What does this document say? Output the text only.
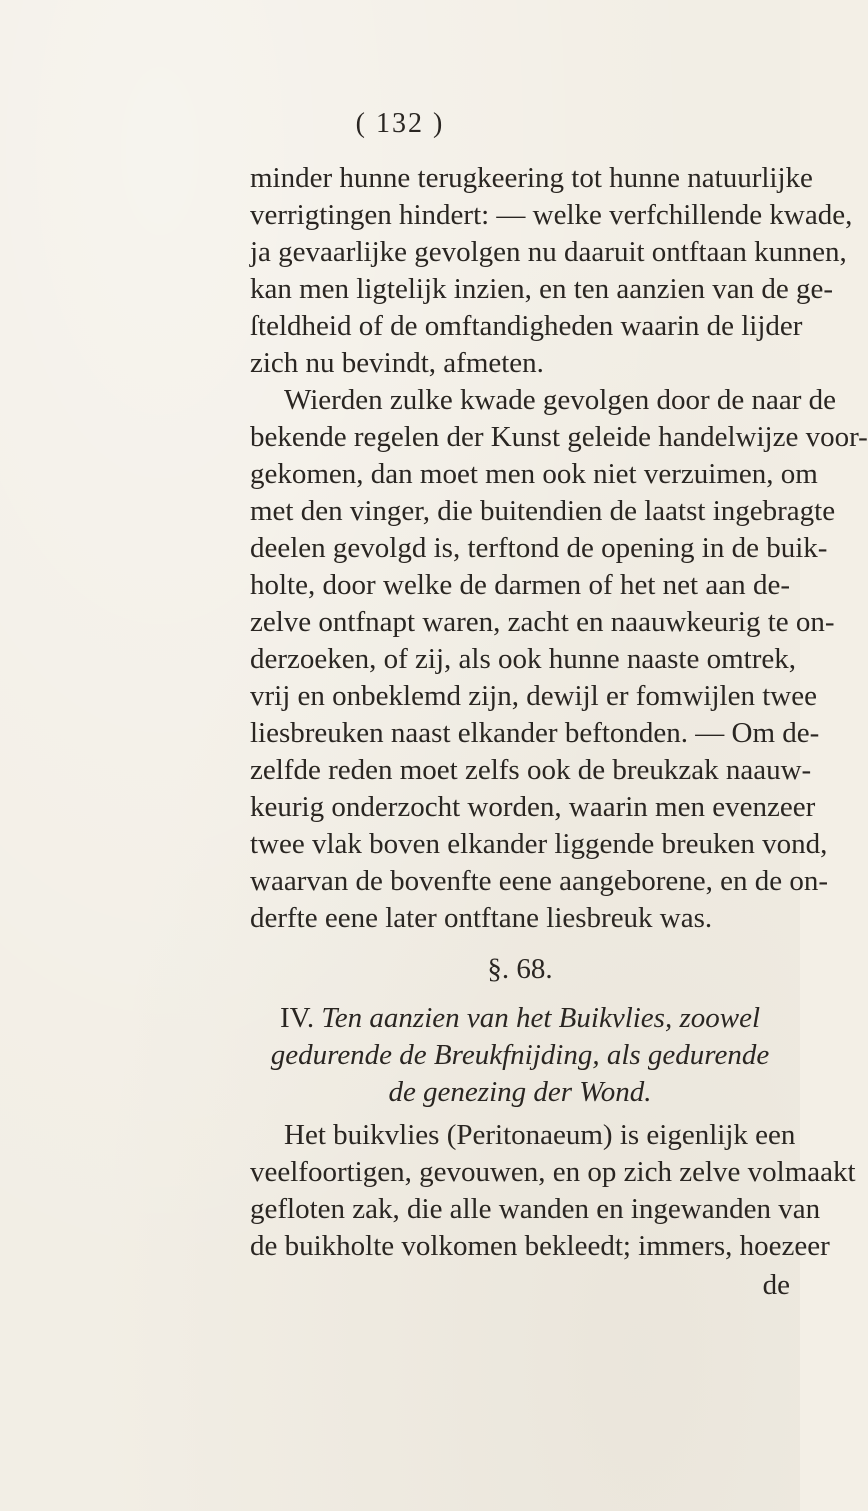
( 132 )
minder hunne terugkeering tot hunne natuurlijke
verrigtingen hindert: — welke verfchillende kwade,
ja gevaarlijke gevolgen nu daaruit ontftaan kunnen,
kan men ligtelijk inzien, en ten aanzien van de ge-
ſteldheid of de omftandigheden waarin de lijder
zich nu bevindt, afmeten.
Wierden zulke kwade gevolgen door de naar de
bekende regelen der Kunst geleide handelwijze voor-
gekomen, dan moet men ook niet verzuimen, om
met den vinger, die buitendien de laatst ingebragte
deelen gevolgd is, terftond de opening in de buik-
holte, door welke de darmen of het net aan de-
zelve ontfnapt waren, zacht en naauwkeurig te on-
derzoeken, of zij, als ook hunne naaste omtrek,
vrij en onbeklemd zijn, dewijl er fomwijlen twee
liesbreuken naast elkander beftonden. — Om de-
zelfde reden moet zelfs ook de breukzak naauw-
keurig onderzocht worden, waarin men evenzeer
twee vlak boven elkander liggende breuken vond,
waarvan de bovenfte eene aangeborene, en de on-
derfte eene later ontftane liesbreuk was.
§. 68.
IV. Ten aanzien van het Buikvlies, zoowel
gedurende de Breukfnijding, als gedurende
de genezing der Wond.
Het buikvlies (Peritonaeum) is eigenlijk een
veelfoortigen, gevouwen, en op zich zelve volmaakt
gefloten zak, die alle wanden en ingewanden van
de buikholte volkomen bekleedt; immers, hoezeer
de
